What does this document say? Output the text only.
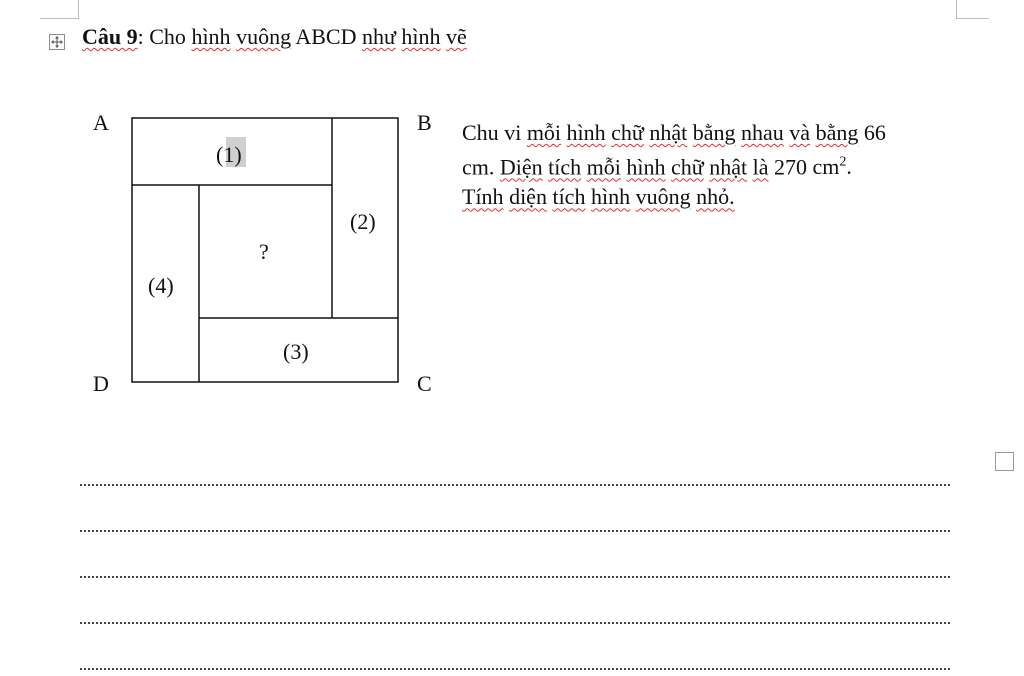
Câu 9: Cho hình vuông ABCD như hình vẽ
A	B
C
D
(1)
(2)
(3)
(4)
?
Chu vi mỗi hình chữ nhật bằng nhau và bằng 66
cm. Diện tích mỗi hình chữ nhật là 270 $cm^2$.
Tính diện tích hình vuông nhỏ.
